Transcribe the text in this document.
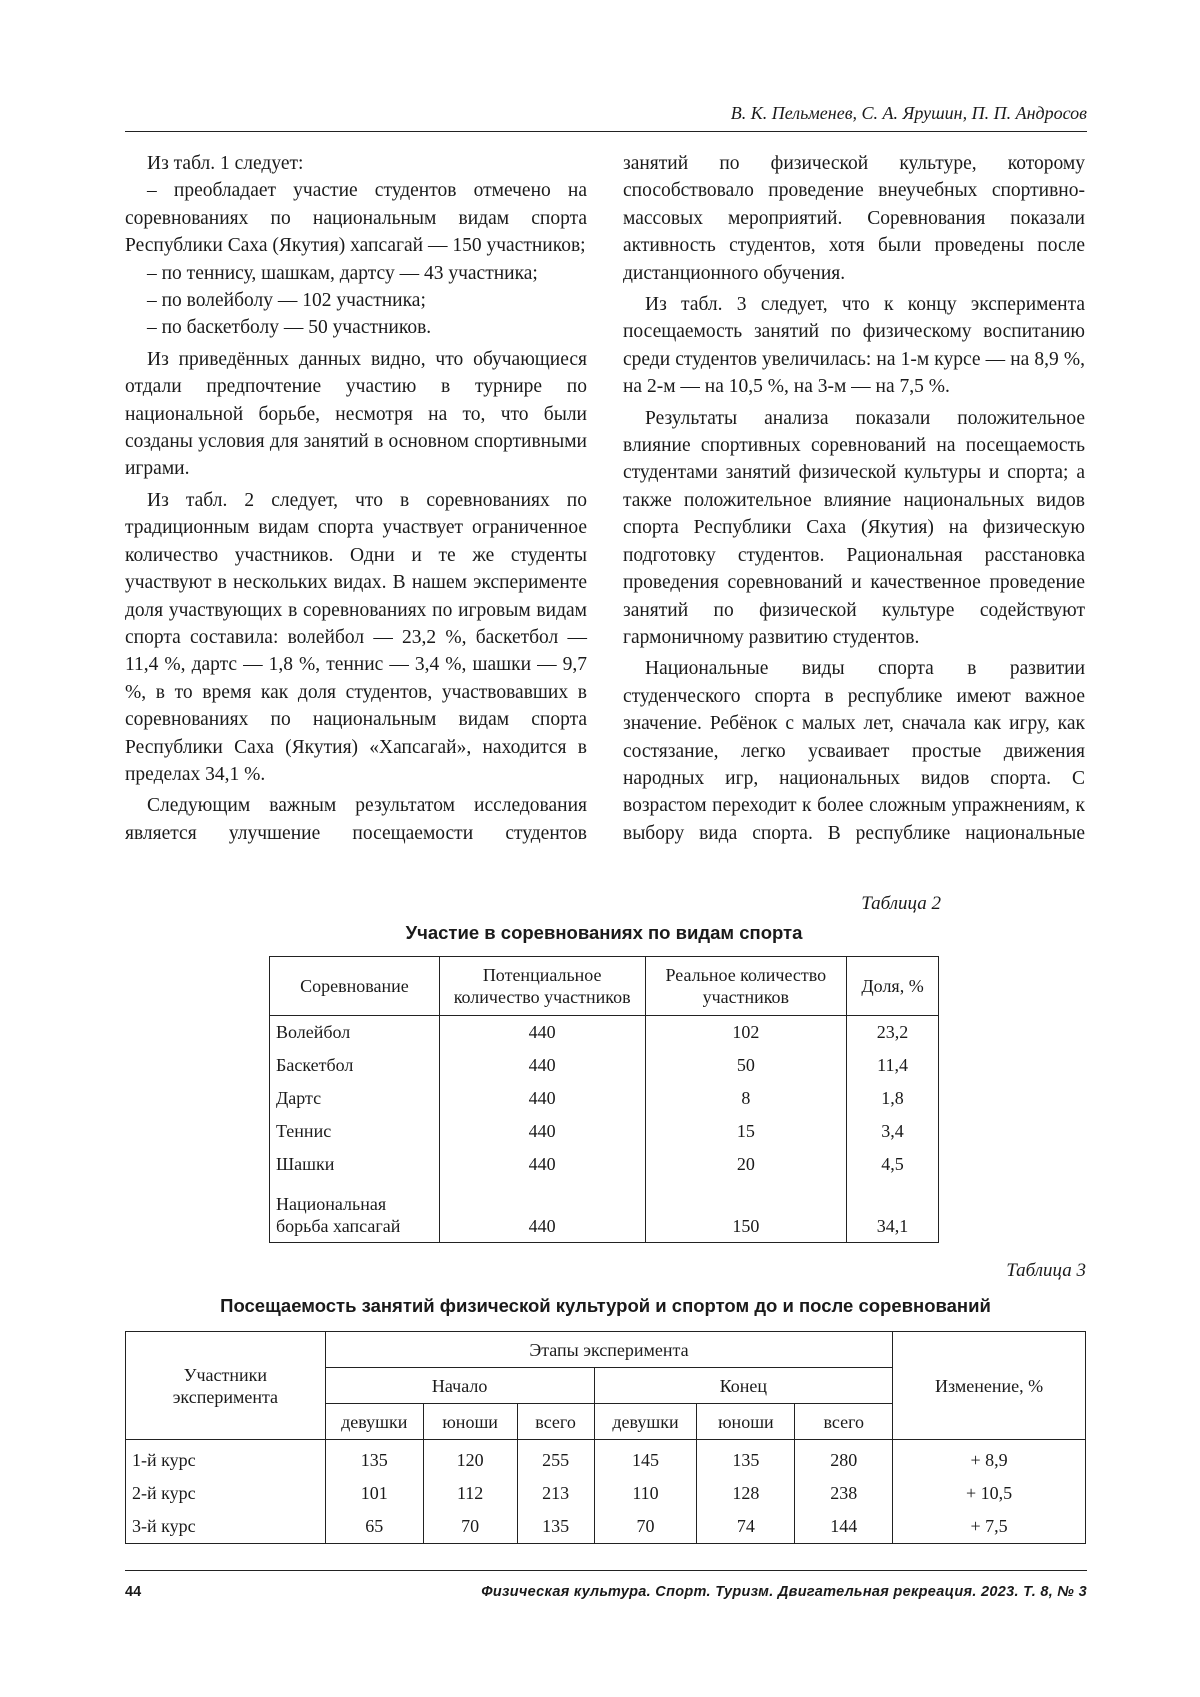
В. К. Пельменев, С. А. Ярушин, П. П. Андросов

Из табл. 1 следует:

– преобладает участие студентов отмечено на соревнованиях по национальным видам спорта Республики Саха (Якутия) хапсагай — 150 участников;

– по теннису, шашкам, дартсу — 43 участника;

– по волейболу — 102 участника;

– по баскетболу — 50 участников.

Из приведённых данных видно, что обучающиеся отдали предпочтение участию в турнире по национальной борьбе, несмотря на то, что были созданы условия для занятий в основном спортивными играми.

Из табл. 2 следует, что в соревнованиях по традиционным видам спорта участвует ограниченное количество участников. Одни и те же студенты участвуют в нескольких видах. В нашем эксперименте доля участвующих в соревнованиях по игровым видам спорта составила: волейбол — 23,2 %, баскетбол — 11,4 %, дартс — 1,8 %, теннис — 3,4 %, шашки — 9,7 %, в то время как доля студентов, участвовавших в соревнованиях по национальным видам спорта Республики Саха (Якутия) «Хапсагай», находится в пределах 34,1 %.

Следующим важным результатом исследования является улучшение посещаемости студентов

занятий по физической культуре, которому способствовало проведение внеучебных спортивно-массовых мероприятий. Соревнования показали активность студентов, хотя были проведены после дистанционного обучения.

Из табл. 3 следует, что к концу эксперимента посещаемость занятий по физическому воспитанию среди студентов увеличилась: на 1-м курсе — на 8,9 %, на 2-м — на 10,5 %, на 3-м — на 7,5 %.

Результаты анализа показали положительное влияние спортивных соревнований на посещаемость студентами занятий физической культуры и спорта; а также положительное влияние национальных видов спорта Республики Саха (Якутия) на физическую подготовку студентов. Рациональная расстановка проведения соревнований и качественное проведение занятий по физической культуре содействуют гармоничному развитию студентов.

Национальные виды спорта в развитии студенческого спорта в республике имеют важное значение. Ребёнок с малых лет, сначала как игру, как состязание, легко усваивает простые движения народных игр, национальных видов спорта. С возрастом переходит к более сложным упражнениям, к выбору вида спорта. В республике национальные

Таблица 2
Участие в соревнованиях по видам спорта
Соревнование	Потенциальное количество участников	Реальное количество участников	Доля, %
Волейбол	440	102	23,2
Баскетбол	440	50	11,4
Дартс	440	8	1,8
Теннис	440	15	3,4
Шашки	440	20	4,5
Национальная борьба хапсагай	440	150	34,1
Таблица 3
Посещаемость занятий физической культурой и спортом до и после соревнований
Участники эксперимента	Этапы эксперимента						Изменение, %
	Начало			Конец			
	девушки	юноши	всего	девушки	юноши	всего	
1-й курс	135	120	255	145	135	280	+ 8,9
2-й курс	101	112	213	110	128	238	+ 10,5
3-й курс	65	70	135	70	74	144	+ 7,5
44	Физическая культура. Спорт. Туризм. Двигательная рекреация. 2023. Т. 8, № 3
